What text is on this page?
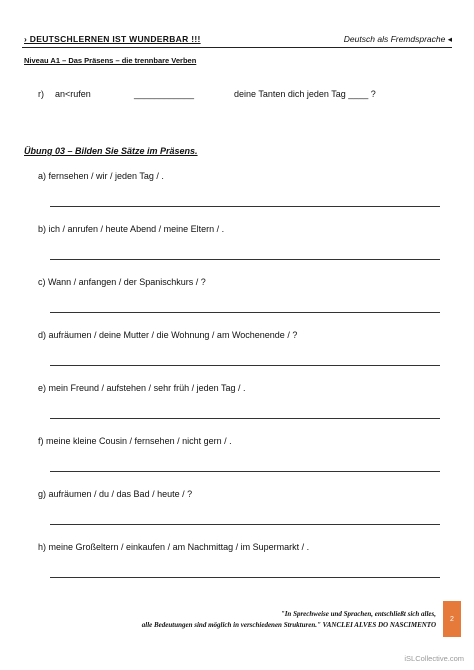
› DEUTSCHLERNEN IST WUNDERBAR !!!	Deutsch als Fremdsprache ◂
Niveau A1 – Das Präsens – die trennbare Verben
r) an<rufen	____________	deine Tanten dich jeden Tag ____ ?
Übung 03 – Bilden Sie Sätze im Präsens.
a) fernsehen / wir / jeden Tag / .
b) ich / anrufen / heute Abend / meine Eltern / .
c) Wann / anfangen / der Spanischkurs / ?
d) aufräumen / deine Mutter / die Wohnung / am Wochenende / ?
e) mein Freund / aufstehen / sehr früh / jeden Tag / .
f) meine kleine Cousin / fernsehen / nicht gern / .
g) aufräumen / du / das Bad / heute / ?
h) meine Großeltern / einkaufen / am Nachmittag / im Supermarkt / .
"In Sprechweise und Sprachen, entschließt sich alles,
alle Bedeutungen sind möglich in verschiedenen Strukturen." VANCLEI ALVES DO NASCIMENTO
2
iSLCollective.com
